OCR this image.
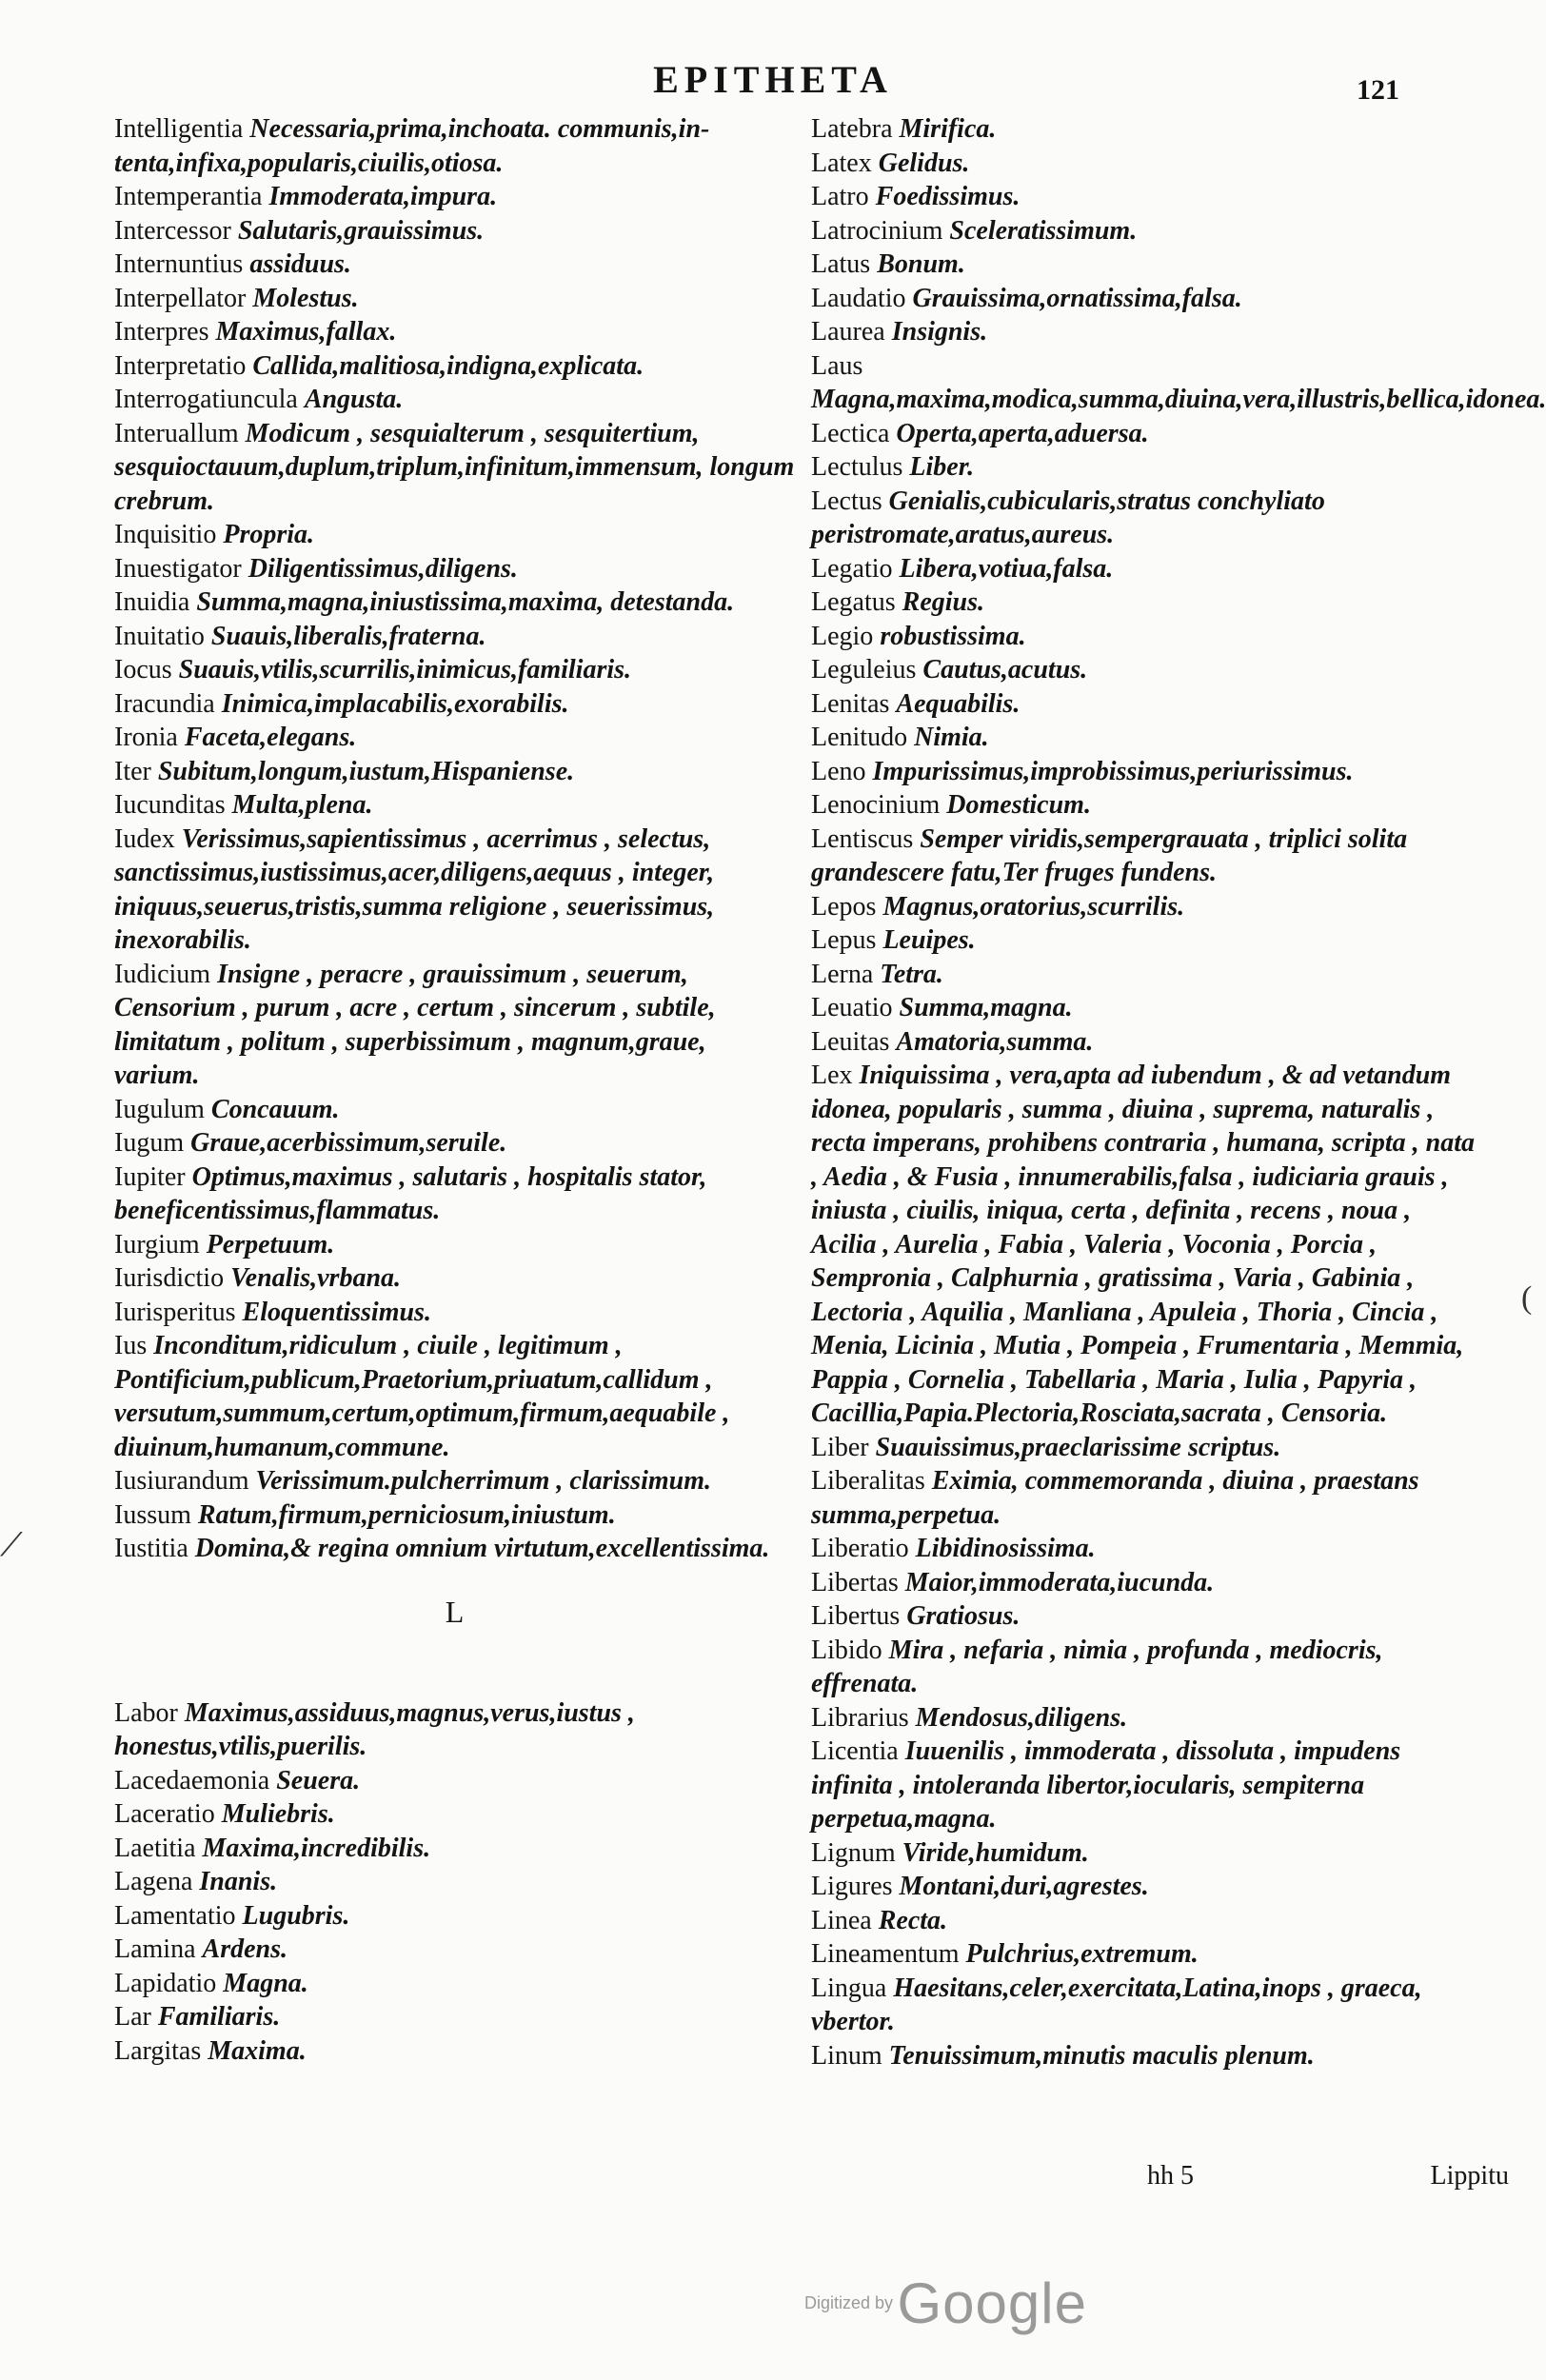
EPITHETA	121
Intelligentia Necessaria,prima,inchoata. communis,in-tenta,infixa,popularis,ciuilis,otiosa.
Intemperantia Immoderata,impura.
Intercessor Salutaris,grauissimus.
Internuntius assiduus.
Interpellator Molestus.
Interpres Maximus,fallax.
Interpretatio Callida,malitiosa,indigna,explicata.
Interrogatiuncula Angusta.
Interuallum Modicum , sesquialterum , sesquitertium, sesquioctauum,duplum,triplum,infinitum,immensum, longum crebrum.
Inquisitio Propria.
Inuestigator Diligentissimus,diligens.
Inuidia Summa,magna,iniustissima,maxima, detestanda.
Inuitatio Suauis,liberalis,fraterna.
Iocus Suauis,vtilis,scurrilis,inimicus,familiaris.
Iracundia Inimica,implacabilis,exorabilis.
Ironia Faceta,elegans.
Iter Subitum,longum,iustum,Hispaniense.
Iucunditas Multa,plena.
Iudex Verissimus,sapientissimus , acerrimus , selectus, sanctissimus,iustissimus,acer,diligens,aequus , integer, iniquus,seuerus,tristis,summa religione , seuerissimus, inexorabilis.
Iudicium Insigne , peracre , grauissimum , seuerum, Censorium , purum , acre , certum , sincerum , subtile, limitatum , politum , superbissimum , magnum,graue, varium.
Iugulum Concauum.
Iugum Graue,acerbissimum,seruile.
Iupiter Optimus,maximus , salutaris , hospitalis stator, beneficentissimus,flammatus.
Iurgium Perpetuum.
Iurisdictio Venalis,vrbana.
Iurisperitus Eloquentissimus.
Ius Inconditum,ridiculum , ciuile , legitimum , Pontificium,publicum,Praetorium,priuatum,callidum , versutum,summum,certum,optimum,firmum,aequabile , diuinum,humanum,commune.
Iusiurandum Verissimum.pulcherrimum , clarissimum.
Iussum Ratum,firmum,perniciosum,iniustum.
Iustitia Domina,& regina omnium virtutum,excellentissima.
L
Labor Maximus,assiduus,magnus,verus,iustus , honestus,vtilis,puerilis.
Lacedaemonia Seuera.
Laceratio Muliebris.
Laetitia Maxima,incredibilis.
Lagena Inanis.
Lamentatio Lugubris.
Lamina Ardens.
Lapidatio Magna.
Lar Familiaris.
Largitas Maxima.
Latebra Mirifica.
Latex Gelidus.
Latro Foedissimus.
Latrocinium Sceleratissimum.
Latus Bonum.
Laudatio Grauissima,ornatissima,falsa.
Laurea Insignis.
Laus Magna,maxima,modica,summa,diuina,vera,illustris,bellica,idonea.
Lectica Operta,aperta,aduersa.
Lectulus Liber.
Lectus Genialis,cubicularis,stratus conchyliato peristromate,aratus,aureus.
Legatio Libera,votiua,falsa.
Legatus Regius.
Legio robustissima.
Leguleius Cautus,acutus.
Lenitas Aequabilis.
Lenitudo Nimia.
Leno Impurissimus,improbissimus,periurissimus.
Lenocinium Domesticum.
Lentiscus Semper viridis,sempergrauata , triplici solita grandescere fatu,Ter fruges fundens.
Lepos Magnus,oratorius,scurrilis.
Lepus Leuipes.
Lerna Tetra.
Leuatio Summa,magna.
Leuitas Amatoria,summa.
Lex Iniquissima , vera,apta ad iubendum , & ad vetandum idonea, popularis , summa , diuina , suprema, naturalis , recta imperans, prohibens contraria , humana, scripta , nata , Aedia , & Fusia , innumerabilis,falsa , iudiciaria grauis , iniusta , ciuilis, iniqua, certa , definita , recens , noua , Acilia , Aurelia , Fabia , Valeria , Voconia , Porcia , Sempronia , Calphurnia , gratissima , Varia , Gabinia , Lectoria , Aquilia , Manliana , Apuleia , Thoria , Cincia , Menia, Licinia , Mutia , Pompeia , Frumentaria , Memmia, Pappia , Cornelia , Tabellaria , Maria , Iulia , Papyria , Cacillia,Papia.Plectoria,Rosciata,sacrata , Censoria.
Liber Suauissimus,praeclarissime scriptus.
Liberalitas Eximia, commemoranda , diuina , praestans summa,perpetua.
Liberatio Libidinosissima.
Libertas Maior,immoderata,iucunda.
Libertus Gratiosus.
Libido Mira , nefaria , nimia , profunda , mediocris, effrenata.
Librarius Mendosus,diligens.
Licentia Iuuenilis , immoderata , dissoluta , impudens infinita , intoleranda libertor,iocularis, sempiterna perpetua,magna.
Lignum Viride,humidum.
Ligures Montani,duri,agrestes.
Linea Recta.
Lineamentum Pulchrius,extremum.
Lingua Haesitans,celer,exercitata,Latina,inops , graeca, vbertor.
Linum Tenuissimum,minutis maculis plenum.
hh 5	Lippitu
Digitized by Google
⟋
(
